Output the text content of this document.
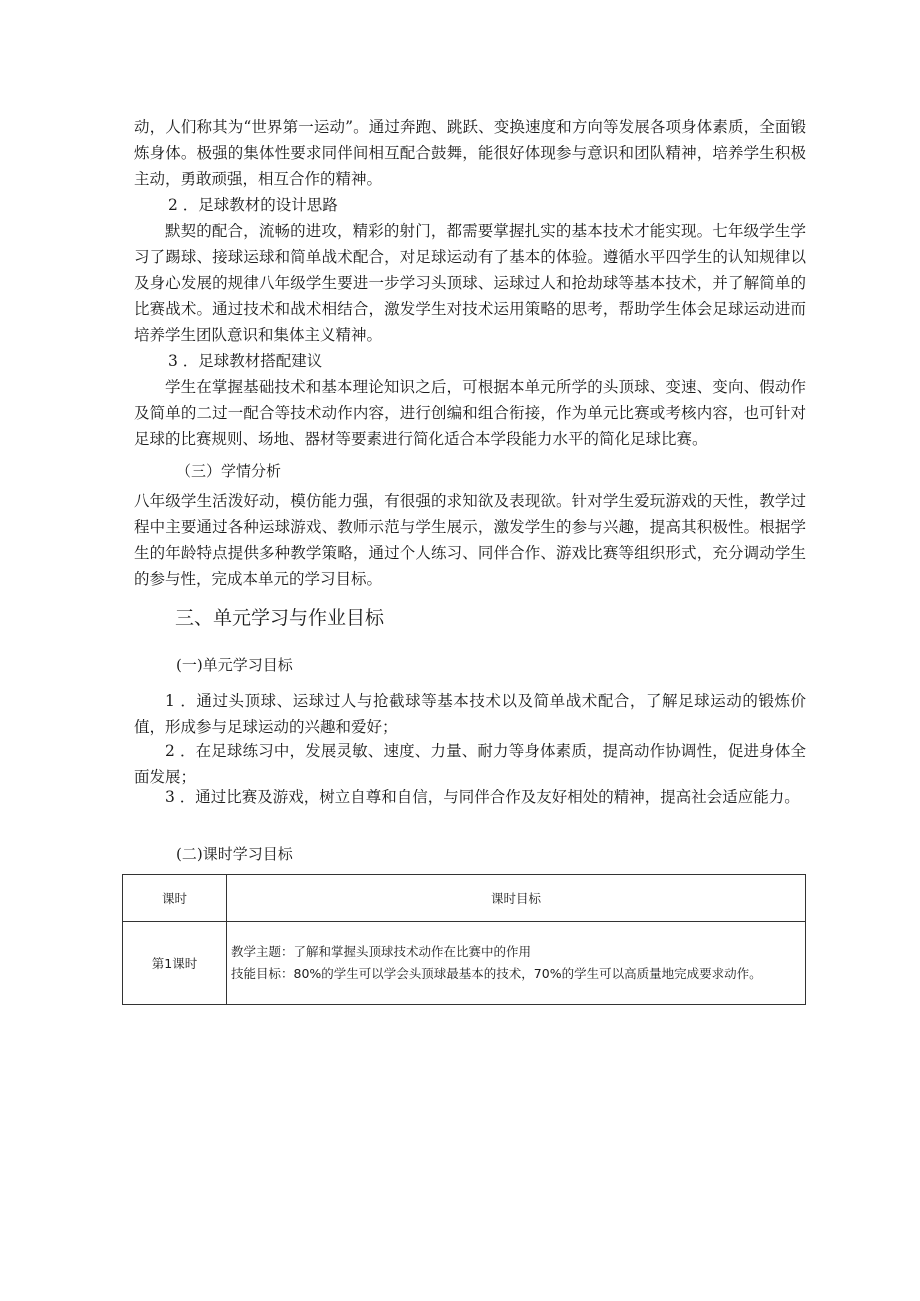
动，人们称其为“世界第一运动”。通过奔跑、跳跃、变换速度和方向等发展各项身体素质，全面锻炼身体。极强的集体性要求同伴间相互配合鼓舞，能很好体现参与意识和团队精神，培养学生积极主动，勇敢顽强，相互合作的精神。

2 ．足球教材的设计思路

默契的配合，流畅的进攻，精彩的射门，都需要掌握扎实的基本技术才能实现。七年级学生学习了踢球、接球运球和简单战术配合，对足球运动有了基本的体验。遵循水平四学生的认知规律以及身心发展的规律八年级学生要进一步学习头顶球、运球过人和抢劫球等基本技术，并了解简单的比赛战术。通过技术和战术相结合，激发学生对技术运用策略的思考，帮助学生体会足球运动进而培养学生团队意识和集体主义精神。

3 ．足球教材搭配建议

学生在掌握基础技术和基本理论知识之后，可根据本单元所学的头顶球、变速、变向、假动作及简单的二过一配合等技术动作内容，进行创编和组合衔接，作为单元比赛或考核内容，也可针对足球的比赛规则、场地、器材等要素进行简化适合本学段能力水平的简化足球比赛。

（三）学情分析

八年级学生活泼好动，模仿能力强，有很强的求知欲及表现欲。针对学生爱玩游戏的天性，教学过程中主要通过各种运球游戏、教师示范与学生展示，激发学生的参与兴趣，提高其积极性。根据学生的年龄特点提供多种教学策略，通过个人练习、同伴合作、游戏比赛等组织形式，充分调动学生的参与性，完成本单元的学习目标。

三、单元学习与作业目标

(一)单元学习目标

1 ．通过头顶球、运球过人与抢截球等基本技术以及简单战术配合，了解足球运动的锻炼价值，形成参与足球运动的兴趣和爱好；

2 ．在足球练习中，发展灵敏、速度、力量、耐力等身体素质，提高动作协调性，促进身体全面发展；

3 ．通过比赛及游戏，树立自尊和自信，与同伴合作及友好相处的精神，提高社会适应能力。

(二)课时学习目标

课时	课时目标
第1课时	教学主题：了解和掌握头顶球技术动作在比赛中的作用
技能目标：80%的学生可以学会头顶球最基本的技术，70%的学生可以高质量地完成要求动作。
